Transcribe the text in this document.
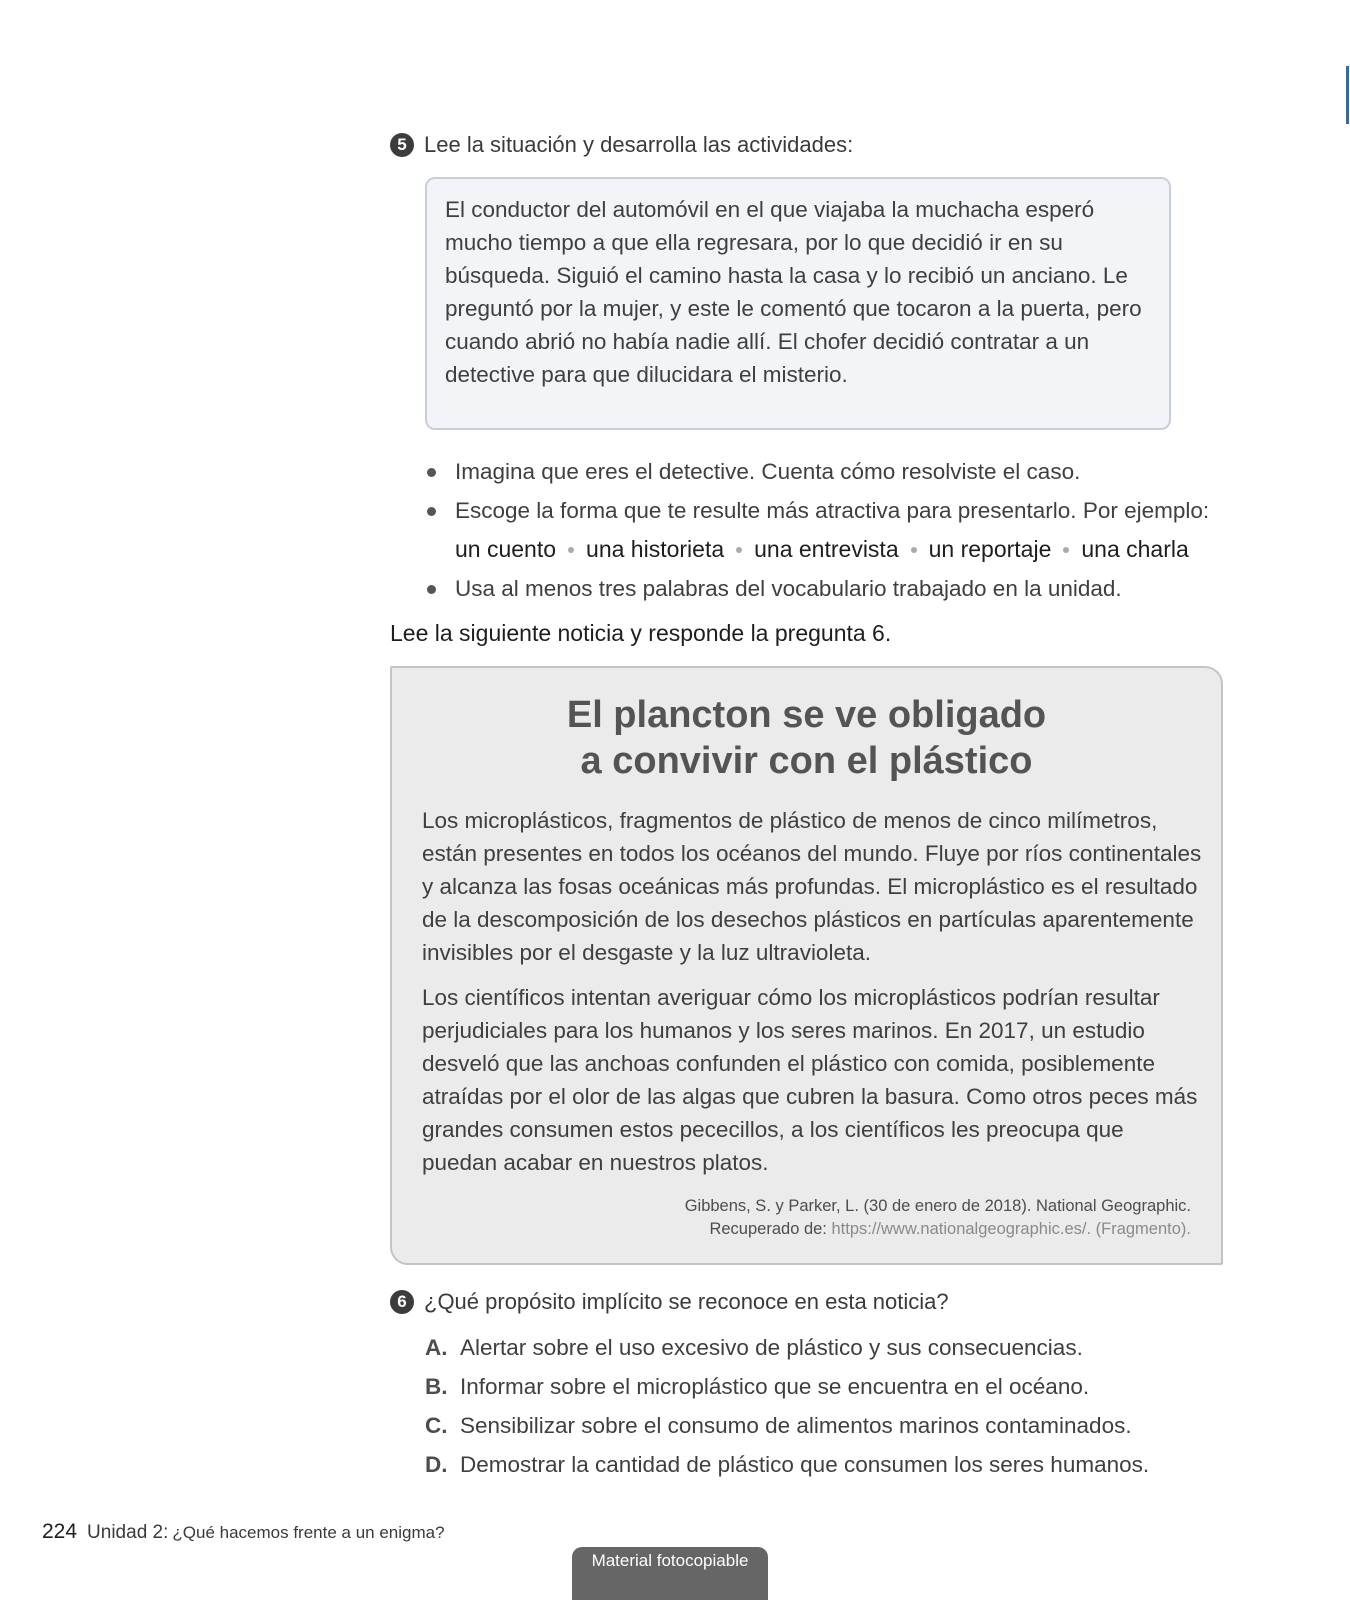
5 Lee la situación y desarrolla las actividades:

El conductor del automóvil en el que viajaba la muchacha esperó mucho tiempo a que ella regresara, por lo que decidió ir en su búsqueda. Siguió el camino hasta la casa y lo recibió un anciano. Le preguntó por la mujer, y este le comentó que tocaron a la puerta, pero cuando abrió no había nadie allí. El chofer decidió contratar a un detective para que dilucidara el misterio.

Imagina que eres el detective. Cuenta cómo resolviste el caso.
Escoge la forma que te resulte más atractiva para presentarlo. Por ejemplo:
un cuento una historieta una entrevista un reportaje una charla
Usa al menos tres palabras del vocabulario trabajado en la unidad.
Lee la siguiente noticia y responde la pregunta 6.
El plancton se ve obligado
a convivir con el plástico

Los microplásticos, fragmentos de plástico de menos de cinco milímetros, están presentes en todos los océanos del mundo. Fluye por ríos continentales y alcanza las fosas oceánicas más profundas. El microplástico es el resultado de la descomposición de los desechos plásticos en partículas aparentemente invisibles por el desgaste y la luz ultravioleta.

Los científicos intentan averiguar cómo los microplásticos podrían resultar perjudiciales para los humanos y los seres marinos. En 2017, un estudio desveló que las anchoas confunden el plástico con comida, posiblemente atraídas por el olor de las algas que cubren la basura. Como otros peces más grandes consumen estos pececillos, a los científicos les preocupa que puedan acabar en nuestros platos.

Gibbens, S. y Parker, L. (30 de enero de 2018). National Geographic.
Recuperado de: https://www.nationalgeographic.es/. (Fragmento).
6 ¿Qué propósito implícito se reconoce en esta noticia?
A. Alertar sobre el uso excesivo de plástico y sus consecuencias.
B. Informar sobre el microplástico que se encuentra en el océano.
C. Sensibilizar sobre el consumo de alimentos marinos contaminados.
D. Demostrar la cantidad de plástico que consumen los seres humanos.
224 Unidad 2: ¿Qué hacemos frente a un enigma?
Material fotocopiable
